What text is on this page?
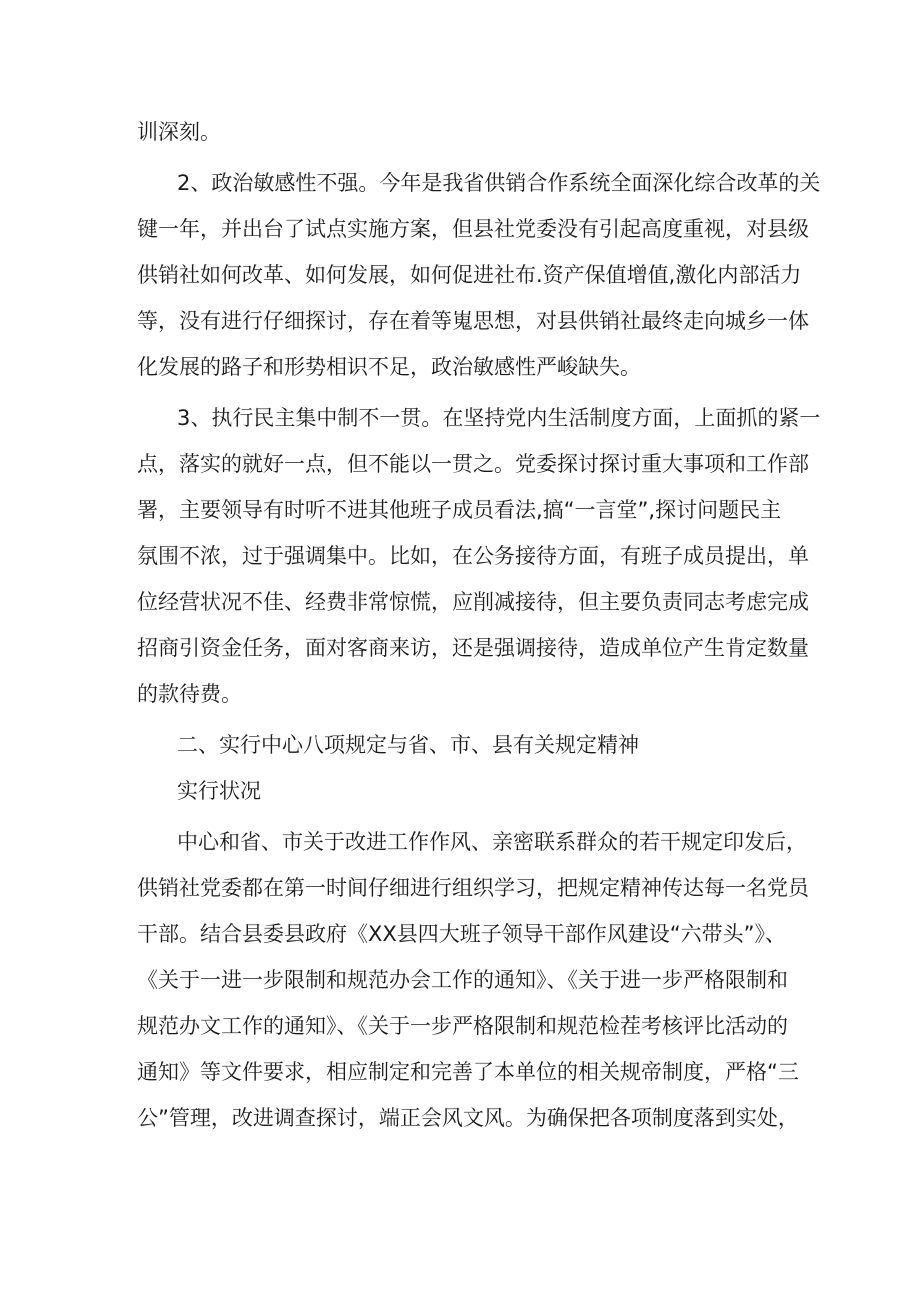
训深刻。
2、政治敏感性不强。今年是我省供销合作系统全面深化综合改革的关
键一年，并出台了试点实施方案，但县社党委没有引起高度重视，对县级
供销社如何改革、如何发展，如何促进社布.资产保值增值,激化内部活力
等，没有进行仔细探讨，存在着等嵬思想，对县供销社最终走向城乡一体
化发展的路子和形势相识不足，政治敏感性严峻缺失。
3、执行民主集中制不一贯。在坚持党内生活制度方面，上面抓的紧一
点，落实的就好一点，但不能以一贯之。党委探讨探讨重大事项和工作部
署，主要领导有时听不进其他班子成员看法,搞“一言堂”,探讨问题民主
氛围不浓，过于强调集中。比如，在公务接待方面，有班子成员提出，单
位经营状况不佳、经费非常惊慌，应削减接待，但主要负责同志考虑完成
招商引资金任务，面对客商来访，还是强调接待，造成单位产生肯定数量
的款待费。
二、实行中心八项规定与省、市、县有关规定精神
实行状况
中心和省、市关于改进工作作风、亲密联系群众的若干规定印发后，
供销社党委都在第一时间仔细进行组织学习，把规定精神传达每一名党员
干部。结合县委县政府《XX县四大班子领导干部作风建设“六带头”》、
《关于一进一步限制和规范办会工作的通知》、《关于进一步严格限制和
规范办文工作的通知》、《关于一步严格限制和规范检茬考核评比活动的
通知》等文件要求，相应制定和完善了本单位的相关规帝制度，严格“三
公”管理，改进调查探讨，端正会风文风。为确保把各项制度落到实处，
